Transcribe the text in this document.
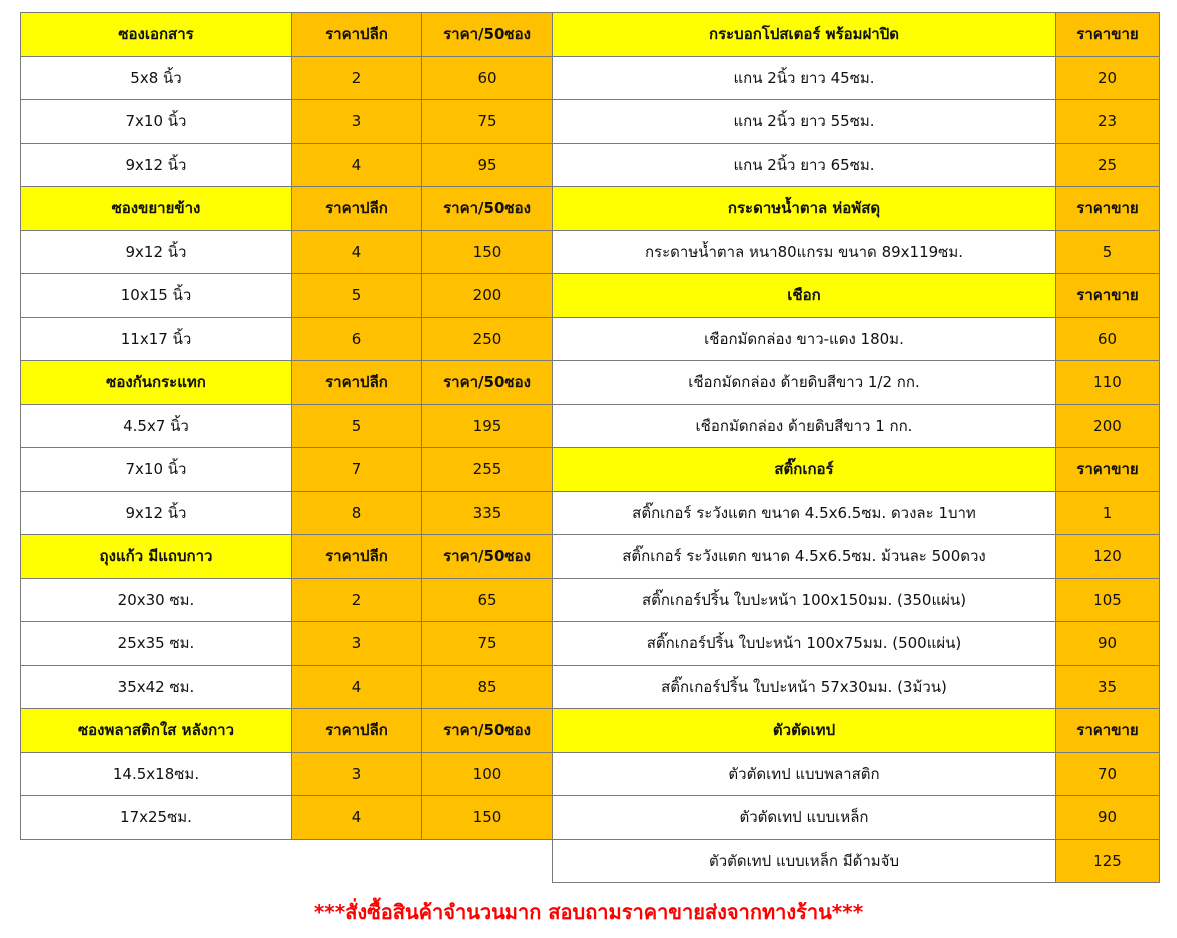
ซองเอกสาร	ราคาปลีก	ราคา/50ซอง
5x8 นิ้ว	2	60
7x10 นิ้ว	3	75
9x12 นิ้ว	4	95
ซองขยายข้าง	ราคาปลีก	ราคา/50ซอง
9x12 นิ้ว	4	150
10x15 นิ้ว	5	200
11x17 นิ้ว	6	250
ซองกันกระแทก	ราคาปลีก	ราคา/50ซอง
4.5x7 นิ้ว	5	195
7x10 นิ้ว	7	255
9x12 นิ้ว	8	335
ถุงแก้ว มีแถบกาว	ราคาปลีก	ราคา/50ซอง
20x30 ซม.	2	65
25x35 ซม.	3	75
35x42 ซม.	4	85
ซองพลาสติกใส หลังกาว	ราคาปลีก	ราคา/50ซอง
14.5x18ซม.	3	100
17x25ซม.	4	150
กระบอกโปสเตอร์ พร้อมฝาปิด	ราคาขาย
แกน 2นิ้ว ยาว 45ซม.	20
แกน 2นิ้ว ยาว 55ซม.	23
แกน 2นิ้ว ยาว 65ซม.	25
กระดาษน้ำตาล ห่อพัสดุ	ราคาขาย
กระดาษน้ำตาล หนา80แกรม ขนาด 89x119ซม.	5
เชือก	ราคาขาย
เชือกมัดกล่อง ขาว-แดง 180ม.	60
เชือกมัดกล่อง ด้ายดิบสีขาว 1/2 กก.	110
เชือกมัดกล่อง ด้ายดิบสีขาว 1 กก.	200
สติ๊กเกอร์	ราคาขาย
สติ๊กเกอร์ ระวังแตก ขนาด 4.5x6.5ซม. ดวงละ 1บาท	1
สติ๊กเกอร์ ระวังแตก ขนาด 4.5x6.5ซม. ม้วนละ 500ดวง	120
สติ๊กเกอร์ปริ้น ใบปะหน้า 100x150มม. (350แผ่น)	105
สติ๊กเกอร์ปริ้น ใบปะหน้า 100x75มม. (500แผ่น)	90
สติ๊กเกอร์ปริ้น ใบปะหน้า 57x30มม. (3ม้วน)	35
ตัวตัดเทป	ราคาขาย
ตัวตัดเทป แบบพลาสติก	70
ตัวตัดเทป แบบเหล็ก	90
ตัวตัดเทป แบบเหล็ก มีด้ามจับ	125
***สั่งซื้อสินค้าจำนวนมาก สอบถามราคาขายส่งจากทางร้าน***
